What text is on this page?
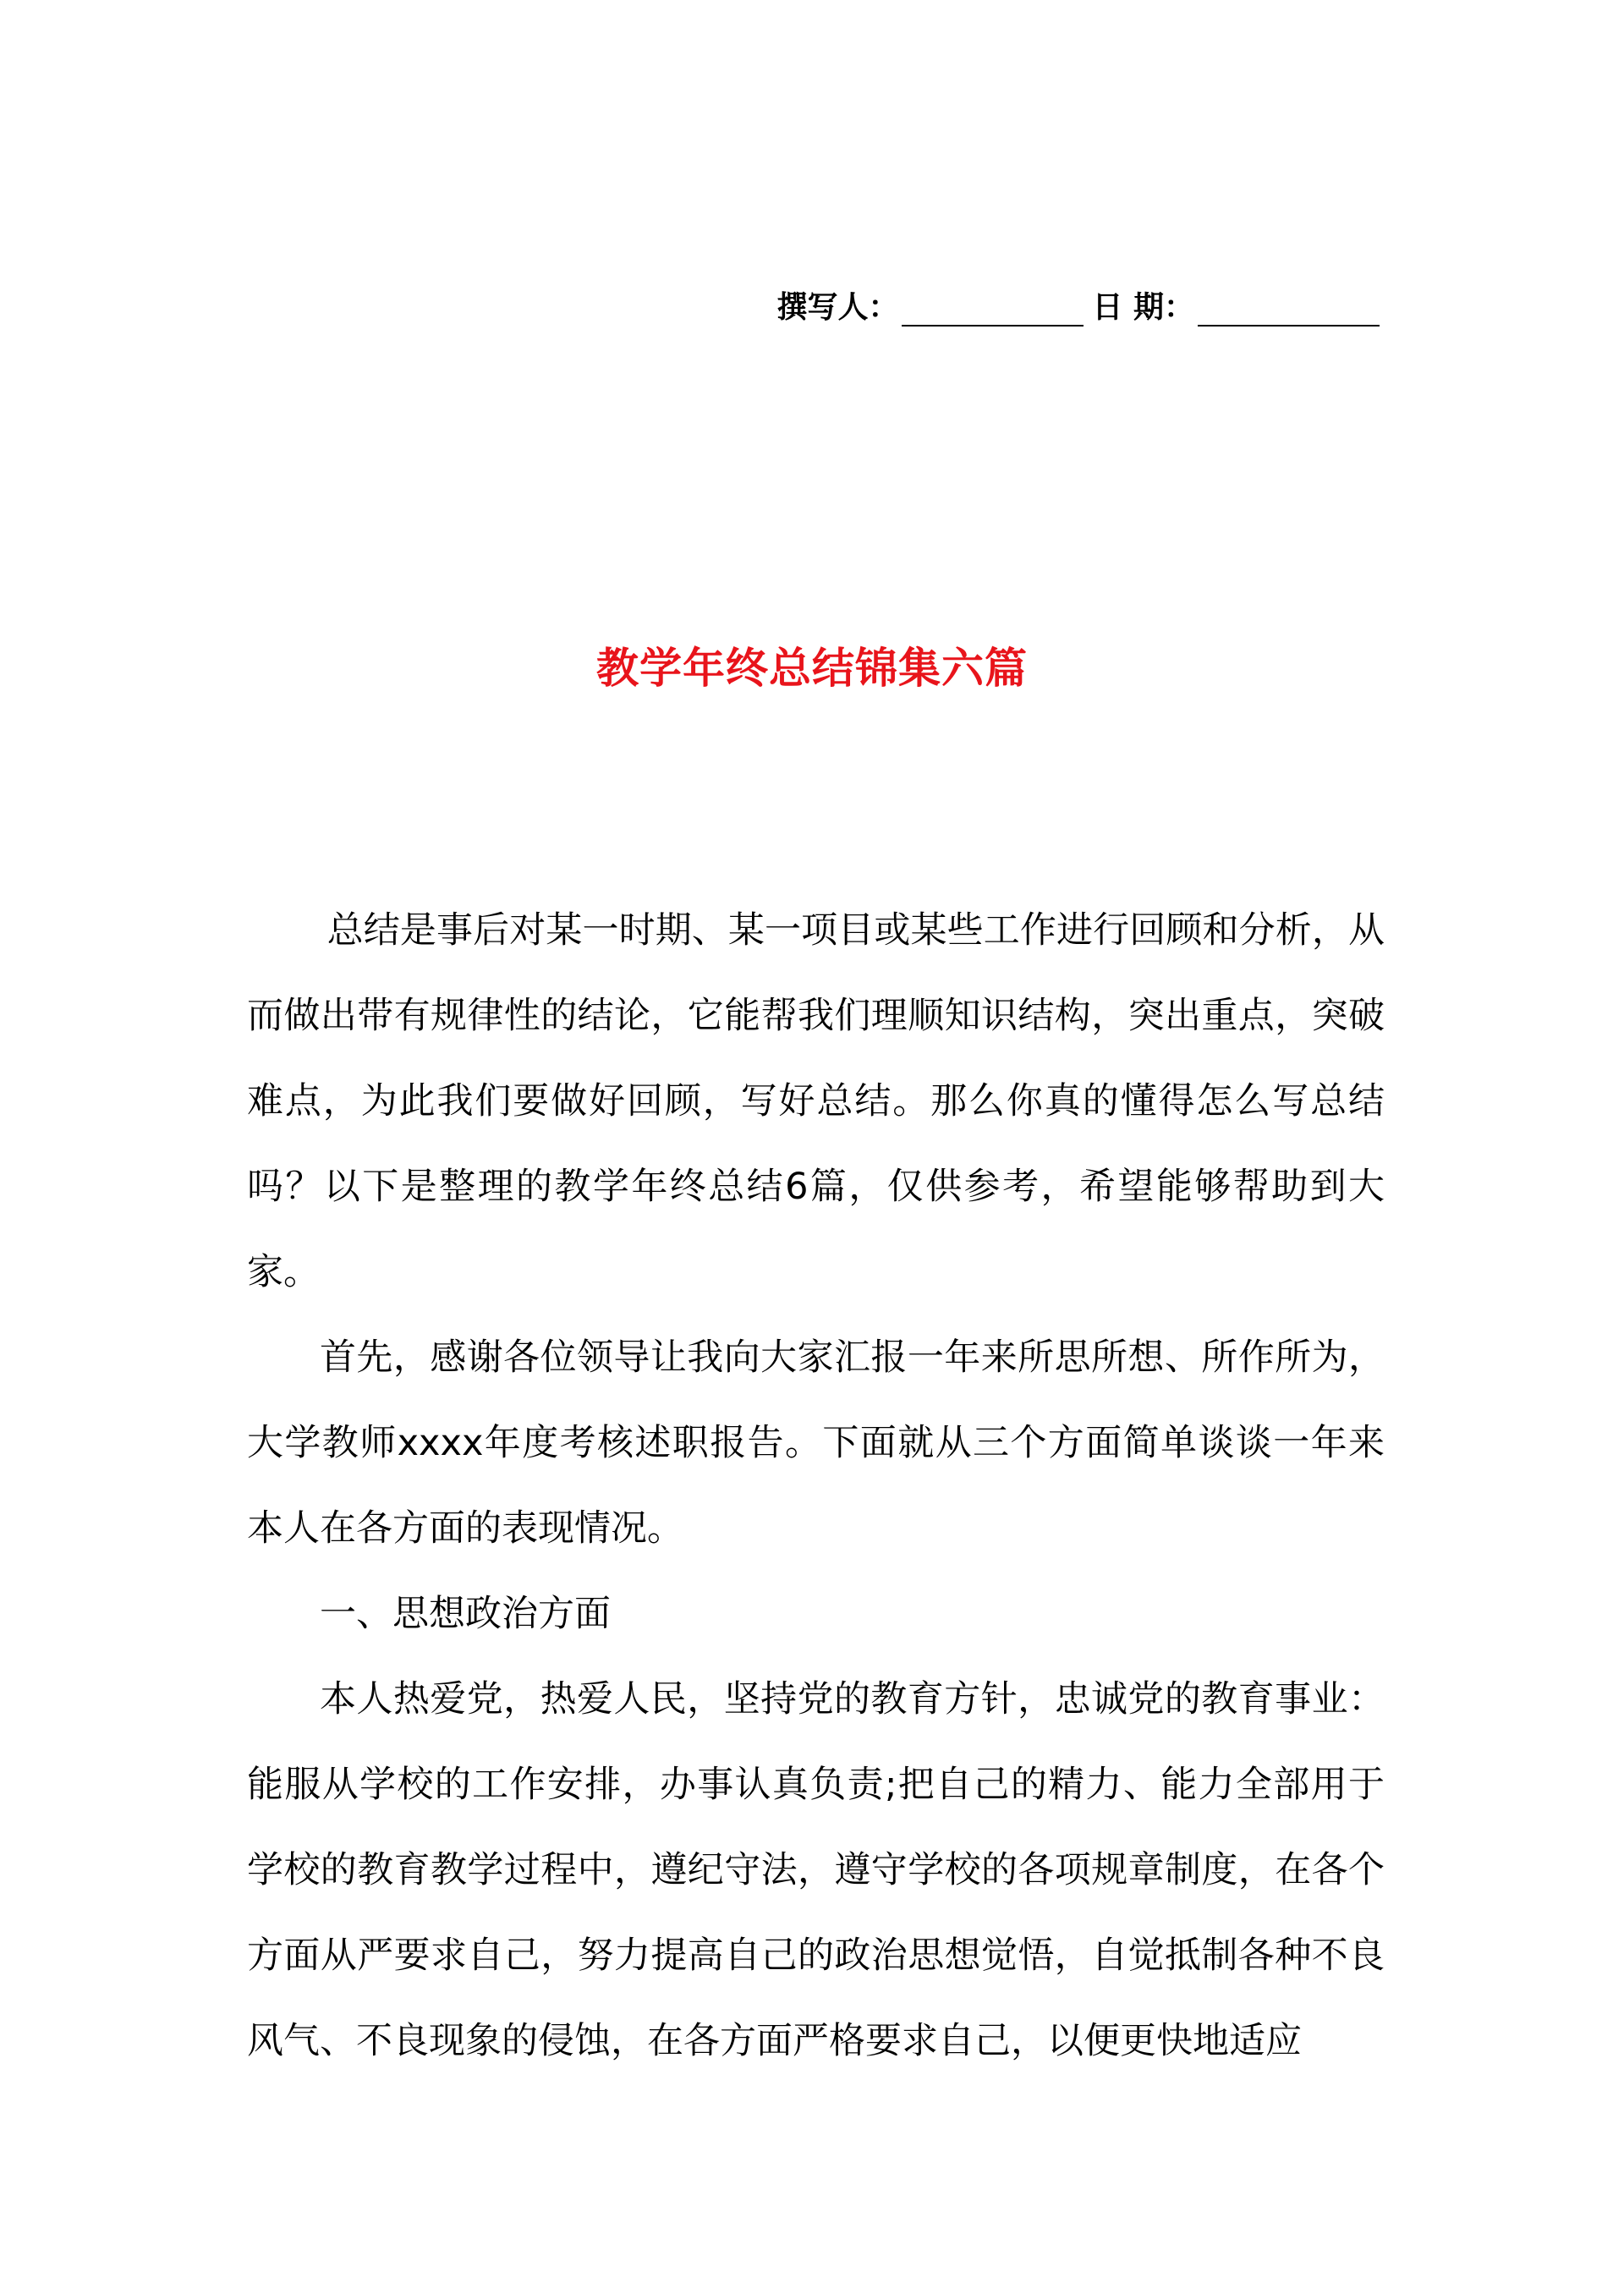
撰写人：	日 期：
教学年终总结锦集六篇

总结是事后对某一时期、某一项目或某些工作进行回顾和分析，从而做出带有规律性的结论，它能帮我们理顺知识结构，突出重点，突破难点，为此我们要做好回顾，写好总结。那么你真的懂得怎么写总结吗？以下是整理的教学年终总结6篇，仅供参考，希望能够帮助到大家。

首先，感谢各位领导让我向大家汇报一年来所思所想、所作所为，大学教师xxxx年度考核述职报告。下面就从三个方面简单谈谈一年来本人在各方面的表现情况。

一、思想政治方面

本人热爱党，热爱人民，坚持党的教育方针，忠诚党的教育事业：能服从学校的工作安排，办事认真负责;把自己的精力、能力全部用于学校的教育教学过程中，遵纪守法，遵守学校的各项规章制度，在各个方面从严要求自己，努力提高自己的政治思想觉悟，自觉抵制各种不良风气、不良现象的侵蚀，在各方面严格要求自己，以便更快地适应
